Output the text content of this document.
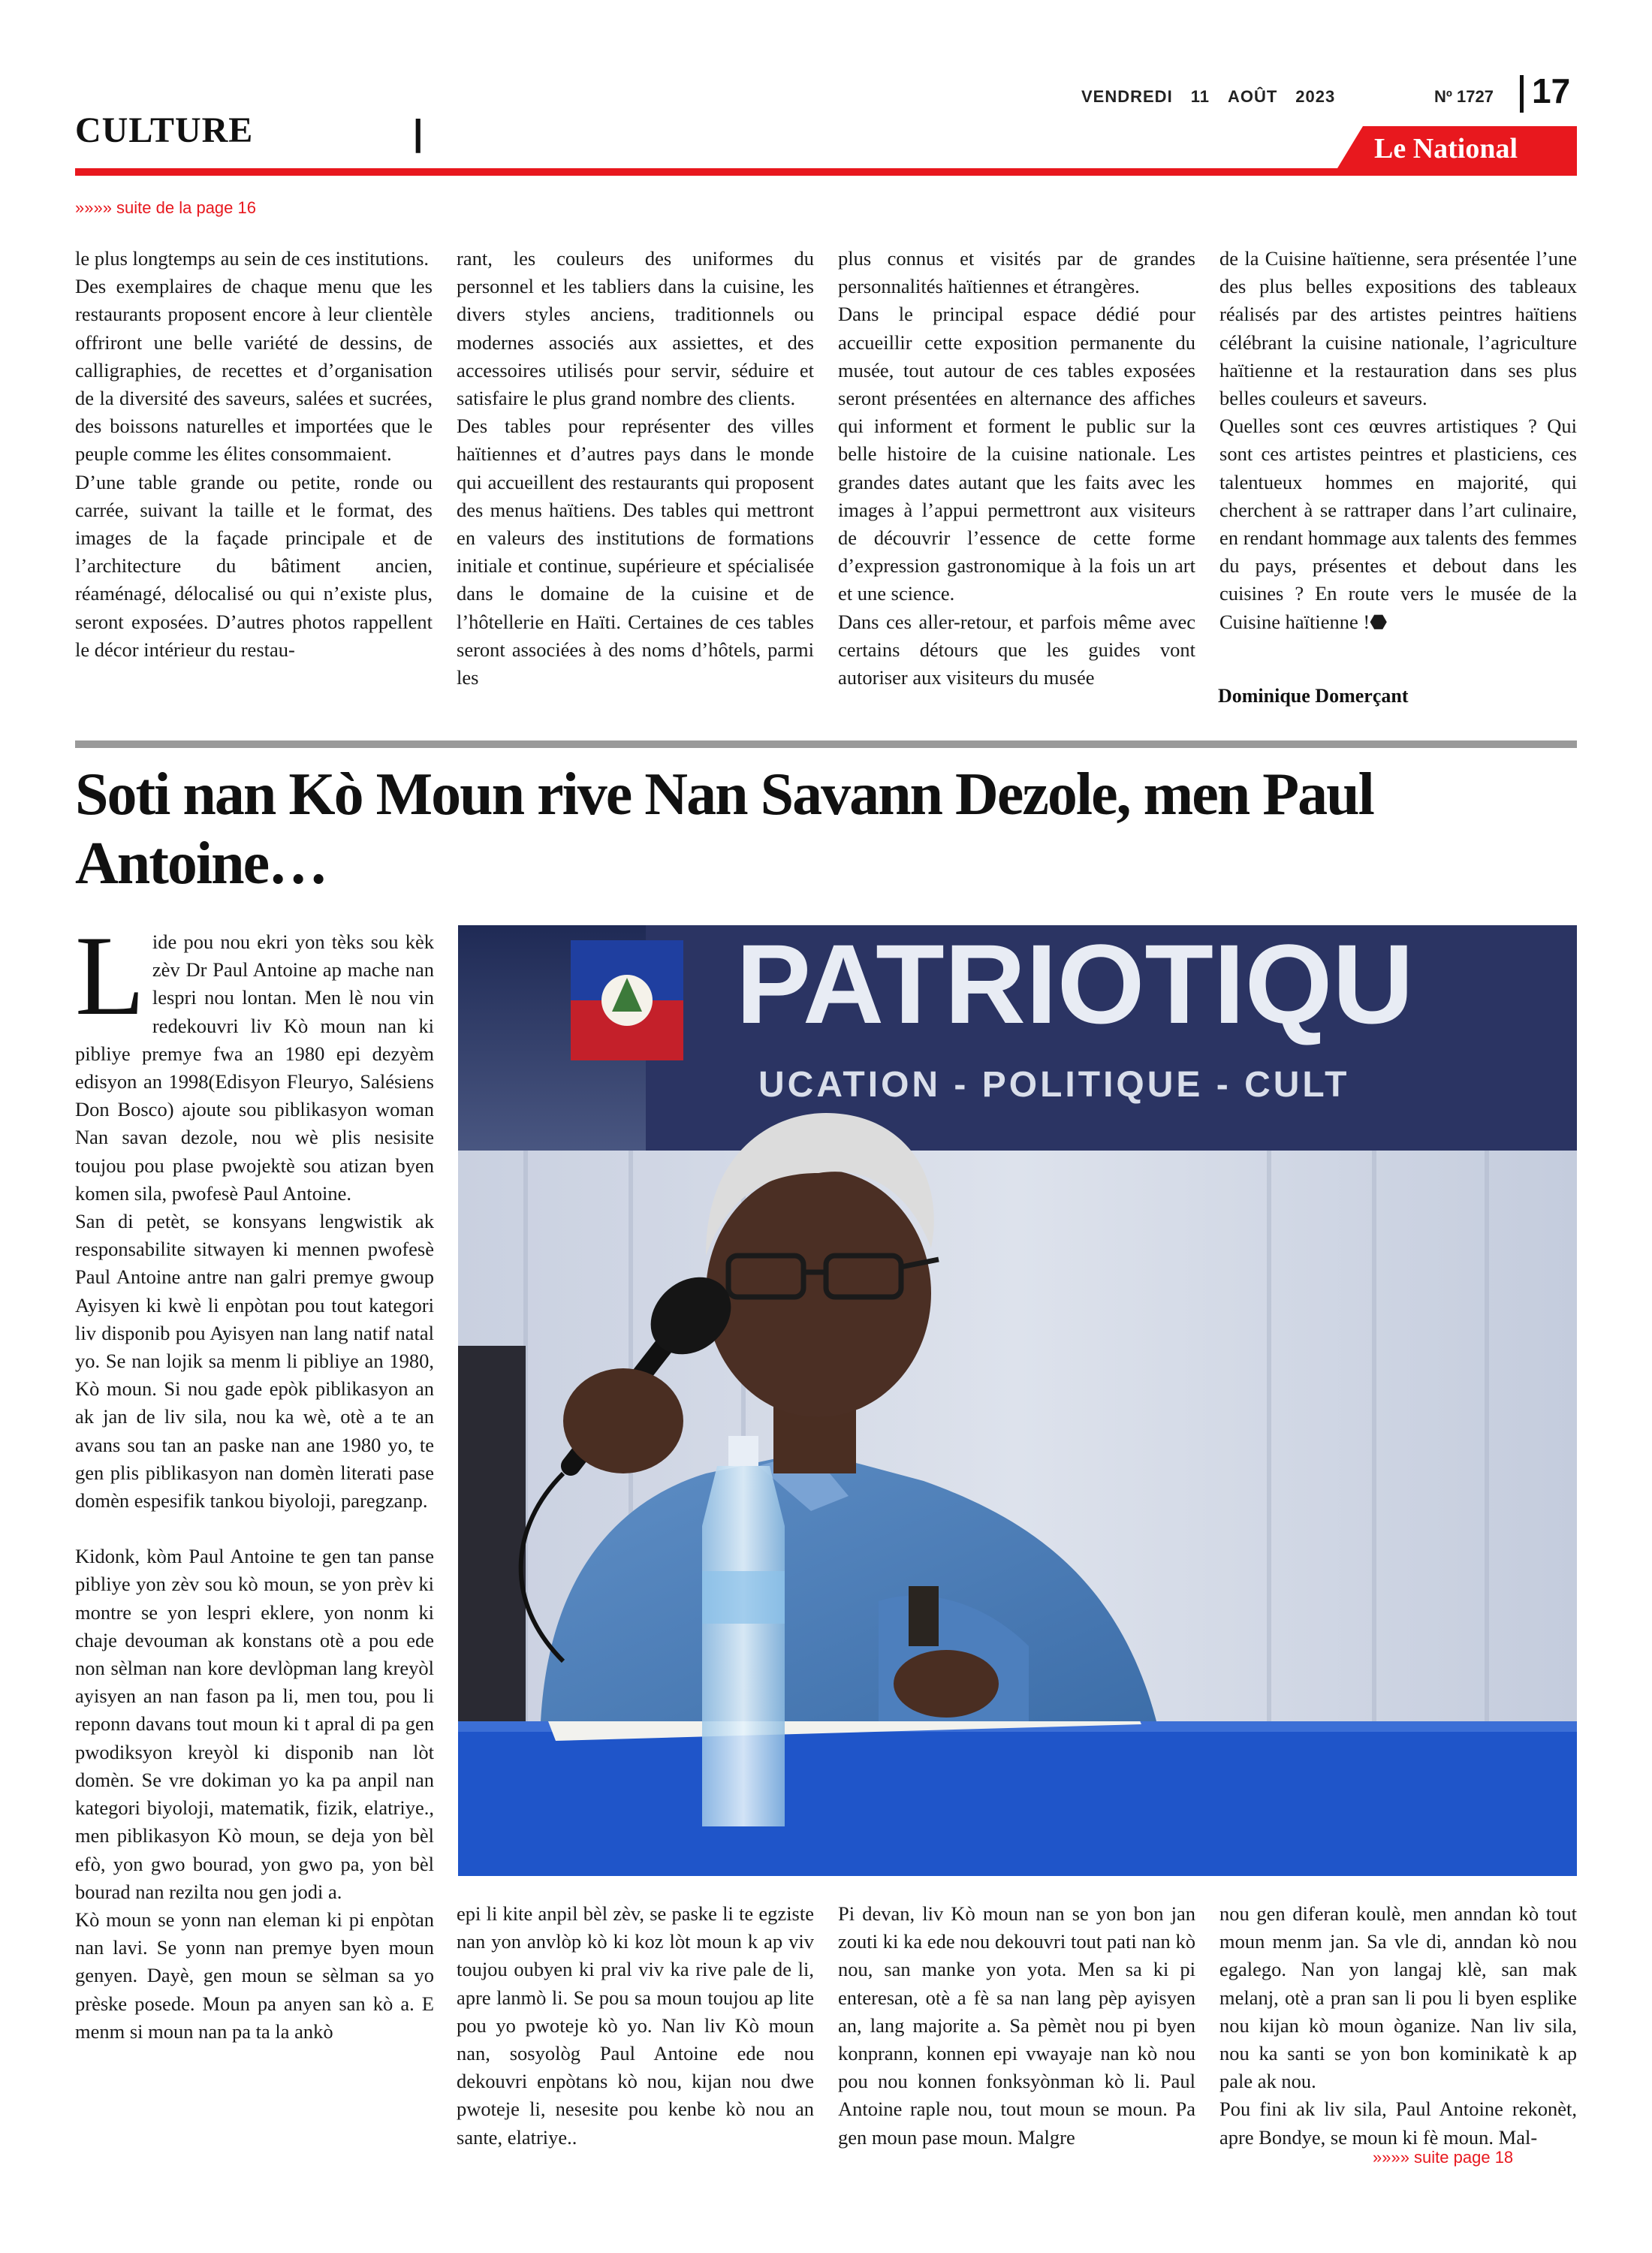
CULTURE	|
VENDREDI 11 AOÛT 2023	Nº 1727 17
Le National
»»»» suite de la page 16

le plus longtemps au sein de ces institutions.

Des exemplaires de chaque menu que les restaurants proposent encore à leur clientèle offriront une belle variété de dessins, de calligraphies, de recettes et d’organisation de la diversité des saveurs, salées et sucrées, des boissons naturelles et importées que le peuple comme les élites consommaient.

D’une table grande ou petite, ronde ou carrée, suivant la taille et le format, des images de la façade principale et de l’architecture du bâtiment ancien, réaménagé, délocalisé ou qui n’existe plus, seront exposées. D’autres photos rappellent le décor intérieur du restau-

rant, les couleurs des uniformes du personnel et les tabliers dans la cuisine, les divers styles anciens, traditionnels ou modernes associés aux assiettes, et des accessoires utilisés pour servir, séduire et satisfaire le plus grand nombre des clients.

Des tables pour représenter des villes haïtiennes et d’autres pays dans le monde qui accueillent des restaurants qui proposent des menus haïtiens. Des tables qui mettront en valeurs des institutions de formations initiale et continue, supérieure et spécialisée dans le domaine de la cuisine et de l’hôtellerie en Haïti. Certaines de ces tables seront associées à des noms d’hôtels, parmi les

plus connus et visités par de grandes personnalités haïtiennes et étrangères.

Dans le principal espace dédié pour accueillir cette exposition permanente du musée, tout autour de ces tables exposées seront présentées en alternance des affiches qui informent et forment le public sur la belle histoire de la cuisine nationale. Les grandes dates autant que les faits avec les images à l’appui permettront aux visiteurs de découvrir l’essence de cette forme d’expression gastronomique à la fois un art et une science.

Dans ces aller-retour, et parfois même avec certains détours que les guides vont autoriser aux visiteurs du musée

de la Cuisine haïtienne, sera présentée l’une des plus belles expositions des tableaux réalisés par des artistes peintres haïtiens célébrant la cuisine nationale, l’agriculture haïtienne et la restauration dans ses plus belles couleurs et saveurs.

Quelles sont ces œuvres artistiques ? Qui sont ces artistes peintres et plasticiens, ces talentueux hommes en majorité, qui cherchent à se rattraper dans l’art culinaire, en rendant hommage aux talents des femmes du pays, présentes et debout dans les cuisines ? En route vers le musée de la Cuisine haïtienne !⬣

Dominique Domerçant
Soti nan Kò Moun rive Nan Savann Dezole, men Paul Antoine…

Lide pou nou ekri yon tèks sou kèk zèv Dr Paul Antoine ap mache nan lespri nou lontan. Men lè nou vin redekouvri liv Kò moun nan ki pibliye premye fwa an 1980 epi dezyèm edisyon an 1998(Edisyon Fleuryo, Salésiens Don Bosco) ajoute sou piblikasyon woman Nan savan dezole, nou wè plis nesisite toujou pou plase pwojektè sou atizan byen komen sila, pwofesè Paul Antoine.

San di petèt, se konsyans lengwistik ak responsabilite sitwayen ki mennen pwofesè Paul Antoine antre nan galri premye gwoup Ayisyen ki kwè li enpòtan pou tout kategori liv disponib pou Ayisyen nan lang natif natal yo. Se nan lojik sa menm li pibliye an 1980, Kò moun. Si nou gade epòk piblikasyon an ak jan de liv sila, nou ka wè, otè a te an avans sou tan an paske nan ane 1980 yo, te gen plis piblikasyon nan domèn literati pase domèn espesifik tankou biyoloji, paregzanp.

Kidonk, kòm Paul Antoine te gen tan panse pibliye yon zèv sou kò moun, se yon prèv ki montre se yon lespri eklere, yon nonm ki chaje devouman ak konstans otè a pou ede non sèlman nan kore devlòpman lang kreyòl ayisyen an nan fason pa li, men tou, pou li reponn davans tout moun ki t apral di pa gen pwodiksyon kreyòl ki disponib nan lòt domèn. Se vre dokiman yo ka pa anpil nan kategori biyoloji, matematik, fizik, elatriye., men piblikasyon Kò moun, se deja yon bèl efò, yon gwo bourad, yon gwo pa, yon bèl bourad nan rezilta nou gen jodi a.

Kò moun se yonn nan eleman ki pi enpòtan nan lavi. Se yonn nan premye byen moun genyen. Dayè, gen moun se sèlman sa yo prèske posede. Moun pa anyen san kò a. E menm si moun nan pa ta la ankò

PATRIOTIQU
UCATION - POLITIQUE - CULT

epi li kite anpil bèl zèv, se paske li te egziste nan yon anvlòp kò ki koz lòt moun k ap viv toujou oubyen ki pral viv ka rive pale de li, apre lanmò li. Se pou sa moun toujou ap lite pou yo pwoteje kò yo. Nan liv Kò moun nan, sosyològ Paul Antoine ede nou dekouvri enpòtans kò nou, kijan nou dwe pwoteje li, nesesite pou kenbe kò nou an sante, elatriye..

Pi devan, liv Kò moun nan se yon bon jan zouti ki ka ede nou dekouvri tout pati nan kò nou, san manke yon yota. Men sa ki pi enteresan, otè a fè sa nan lang pèp ayisyen an, lang majorite a. Sa pèmèt nou pi byen konprann, konnen epi vwayaje nan kò nou pou nou konnen fonksyònman kò li. Paul Antoine raple nou, tout moun se moun. Pa gen moun pase moun. Malgre

nou gen diferan koulè, men anndan kò tout moun menm jan. Sa vle di, anndan kò nou egalego. Nan yon langaj klè, san mak melanj, otè a pran san li pou li byen esplike nou kijan kò moun òganize. Nan liv sila, nou ka santi se yon bon kominikatè k ap pale ak nou.

Pou fini ak liv sila, Paul Antoine rekonèt, apre Bondye, se moun ki fè moun. Mal-

»»»» suite page 18
